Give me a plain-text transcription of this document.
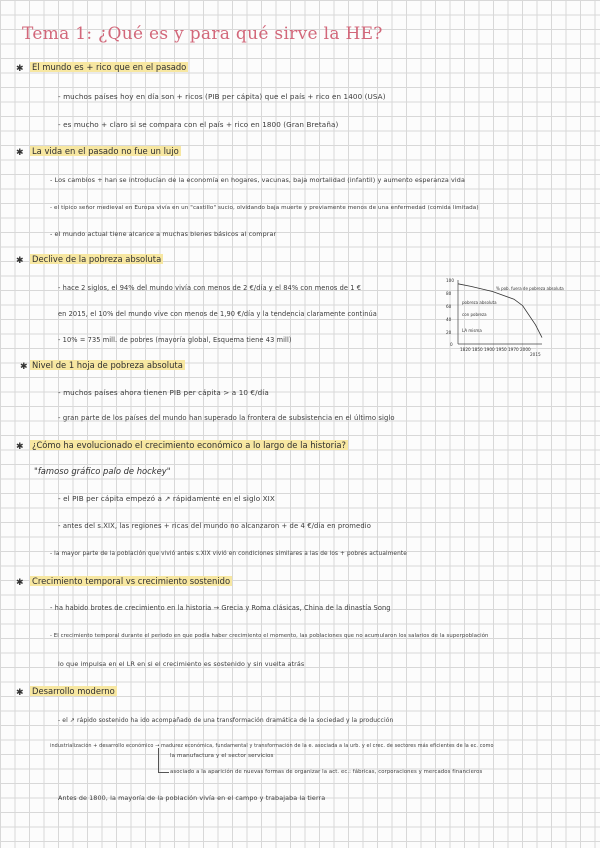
Tema 1: ¿Qué es y para qué sirve la HE?
✱ El mundo es + rico que en el pasado
- muchos países hoy en día son + ricos (PIB per cápita) que el país + rico en 1400 (USA)
- es mucho + claro si se compara con el país + rico en 1800 (Gran Bretaña)
✱ La vida en el pasado no fue un lujo
- Los cambios + han se introducían de la economía en hogares, vacunas, baja mortalidad (infantil) y aumento esperanza vida
- el típico señor medieval en Europa vivía en un "castillo" sucio, olvidando baja muerte y previamente menos de una enfermedad (comida limitada)
- el mundo actual tiene alcance a muchas bienes básicos al comprar
✱ Declive de la pobreza absoluta
- hace 2 siglos, el 94% del mundo vivía con menos de 2 €/día y el 84% con menos de 1 €
en 2015, el 10% del mundo vive con menos de 1,90 €/día y la tendencia claramente continúa
- 10% = 735 mill. de pobres (mayoría global, Esquema tiene 43 mill)
100
80
60
40
20
0
1820 1850 1900 1950 1970 2000
2015
% pob. fuera de pobreza absoluta
pobreza absoluta
con pobreza
LA misma
✱ Nivel de 1 hoja de pobreza absoluta
- muchos países ahora tienen PIB per cápita > a 10 €/día
- gran parte de los países del mundo han superado la frontera de subsistencia en el último siglo
✱ ¿Cómo ha evolucionado el crecimiento económico a lo largo de la historia?
"famoso gráfico palo de hockey"
- el PIB per cápita empezó a ↗ rápidamente en el siglo XIX
- antes del s.XIX, las regiones + ricas del mundo no alcanzaron + de 4 €/día en promedio
- la mayor parte de la población que vivió antes s.XIX vivió en condiciones similares a las de los + pobres actualmente
✱ Crecimiento temporal vs crecimiento sostenido
- ha habido brotes de crecimiento en la historia → Grecia y Roma clásicas, China de la dinastía Song
- El crecimiento temporal durante el periodo en que podía haber crecimiento el momento, las poblaciones que no acumularon los salarios de la superpoblación
lo que impulsa en el LR en si el crecimiento es sostenido y sin vuelta atrás
✱ Desarrollo moderno
- el ↗ rápido sostenido ha ido acompañado de una transformación dramática de la sociedad y la producción
industrialización + desarrollo económico → madurez económica, fundamental y transformación de la e. asociada a la urb. y el crec. de sectores más eficientes de la ec. como
la manufactura y el sector servicios
asociado a la aparición de nuevas formas de organizar la act. ec.: fábricas, corporaciones y mercados financieros
Antes de 1800, la mayoría de la población vivía en el campo y trabajaba la tierra
